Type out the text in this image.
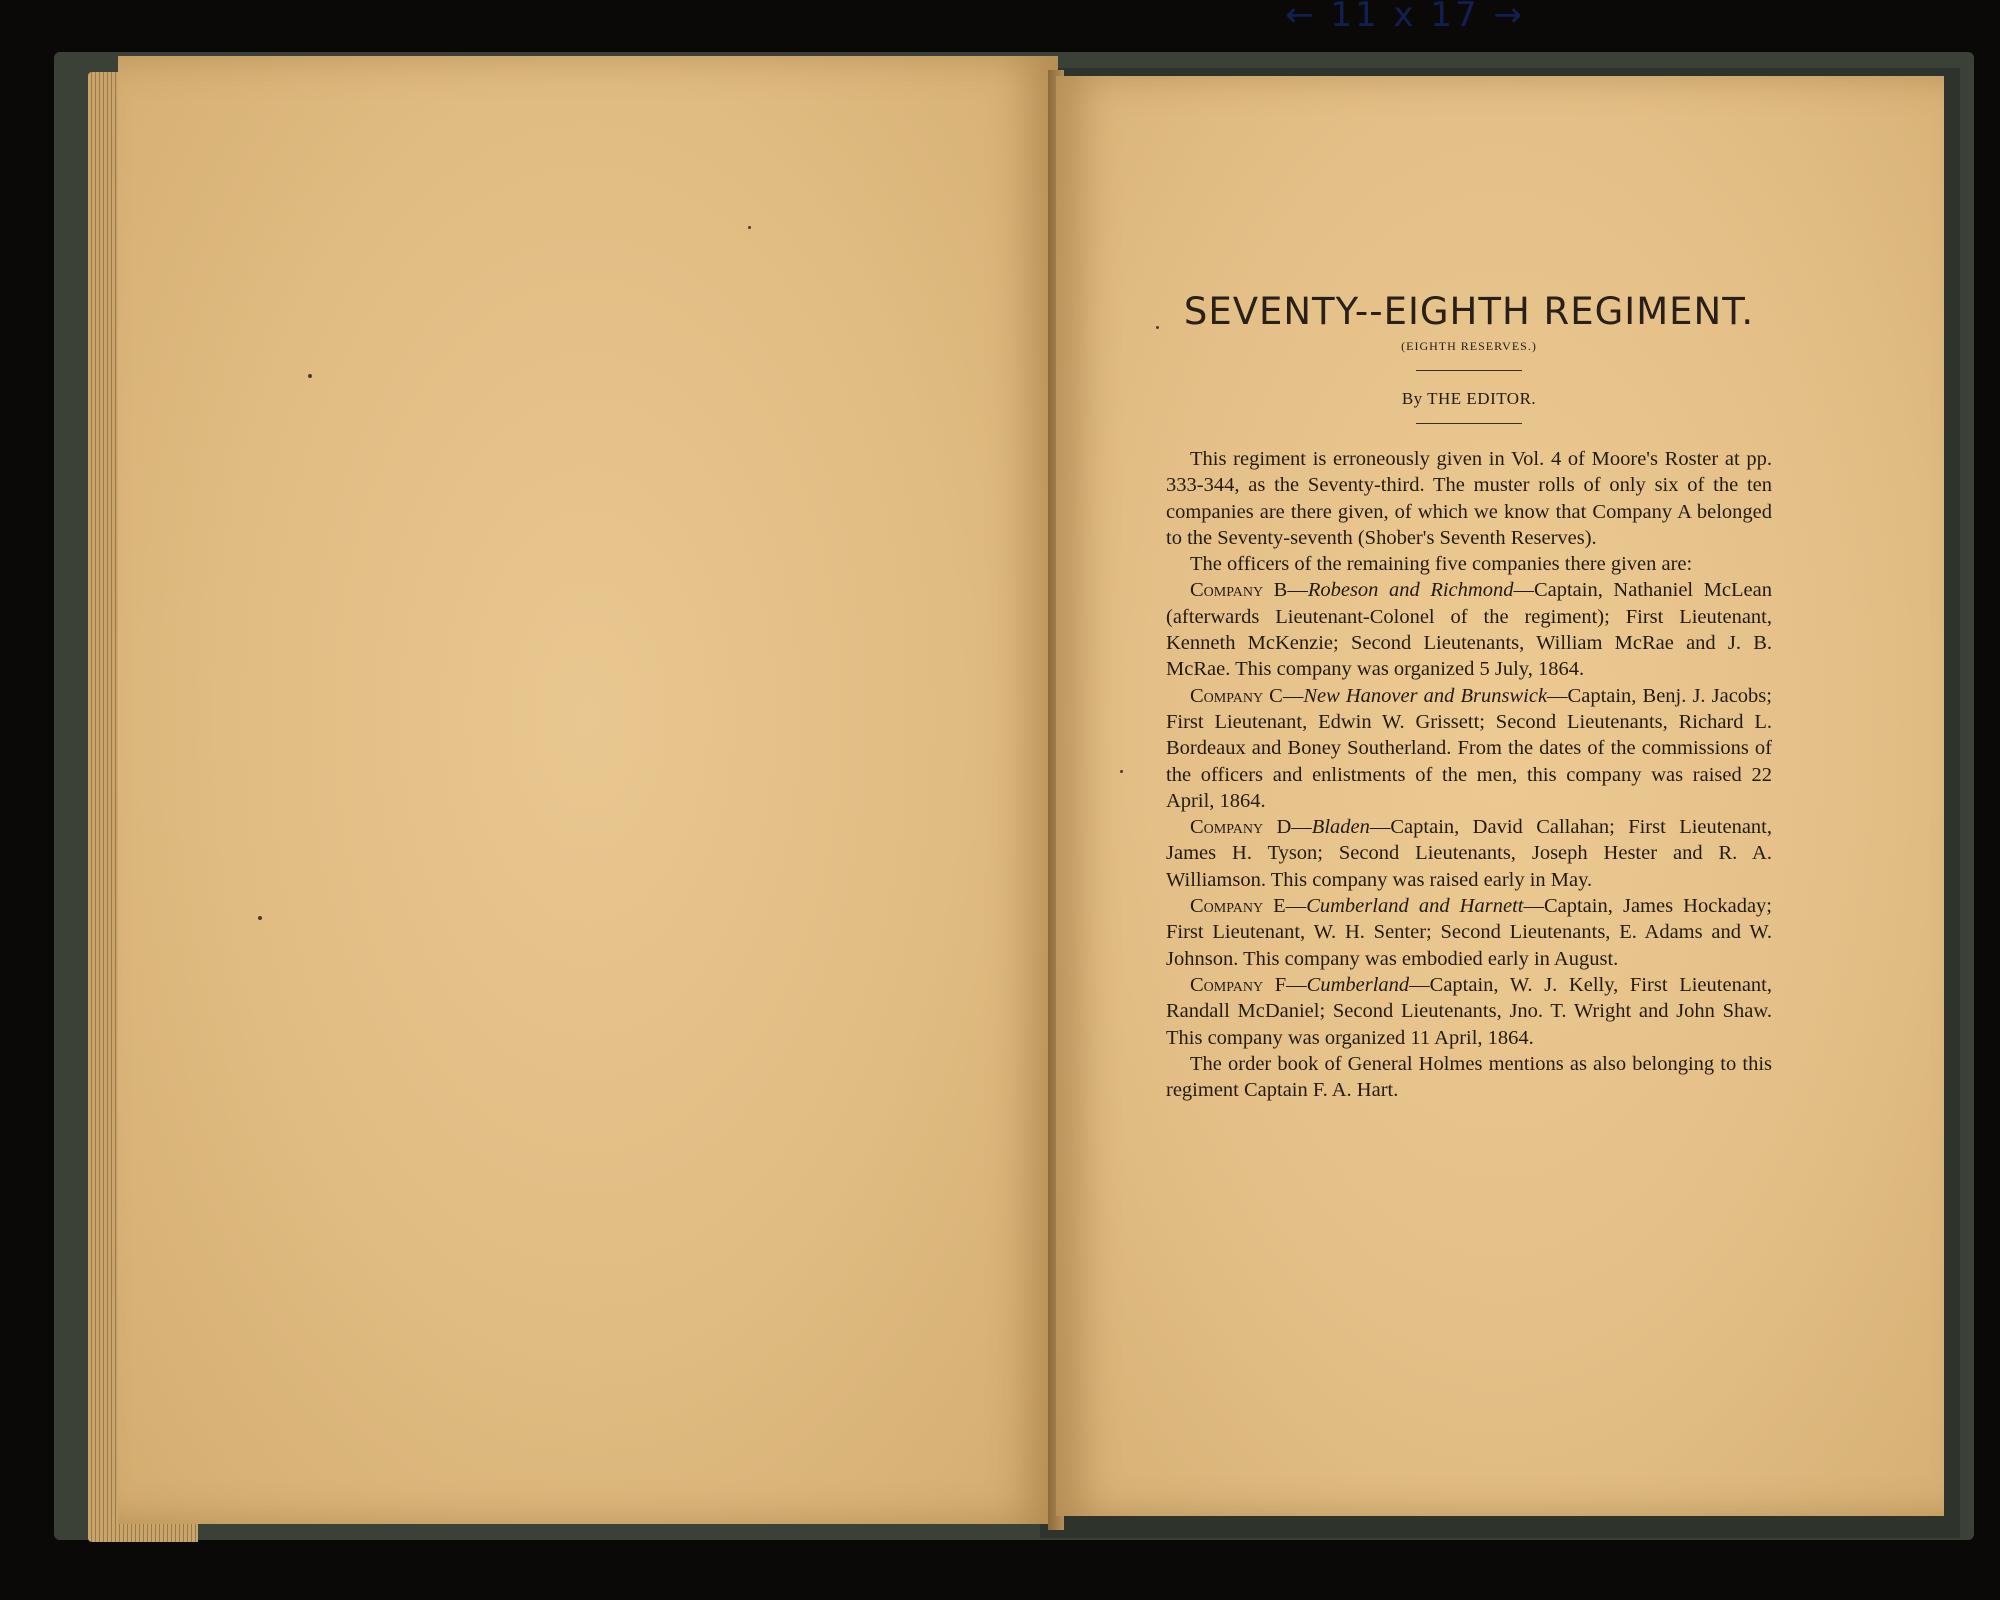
← 11 x 17 →
SEVENTY--EIGHTH REGIMENT.
(EIGHTH RESERVES.)
By THE EDITOR.

This regiment is erroneously given in Vol. 4 of Moore's Roster at pp. 333-344, as the Seventy-third. The muster rolls of only six of the ten companies are there given, of which we know that Company A belonged to the Seventy-seventh (Shober's Seventh Reserves).

The officers of the remaining five companies there given are:

Company B—Robeson and Richmond—Captain, Nathaniel McLean (afterwards Lieutenant-Colonel of the regiment); First Lieutenant, Kenneth McKenzie; Second Lieutenants, William McRae and J. B. McRae. This company was organized 5 July, 1864.

Company C—New Hanover and Brunswick—Captain, Benj. J. Jacobs; First Lieutenant, Edwin W. Grissett; Second Lieutenants, Richard L. Bordeaux and Boney Southerland. From the dates of the commissions of the officers and enlistments of the men, this company was raised 22 April, 1864.

Company D—Bladen—Captain, David Callahan; First Lieutenant, James H. Tyson; Second Lieutenants, Joseph Hester and R. A. Williamson. This company was raised early in May.

Company E—Cumberland and Harnett—Captain, James Hockaday; First Lieutenant, W. H. Senter; Second Lieutenants, E. Adams and W. Johnson. This company was embodied early in August.

Company F—Cumberland—Captain, W. J. Kelly, First Lieutenant, Randall McDaniel; Second Lieutenants, Jno. T. Wright and John Shaw. This company was organized 11 April, 1864.

The order book of General Holmes mentions as also belonging to this regiment Captain F. A. Hart.
